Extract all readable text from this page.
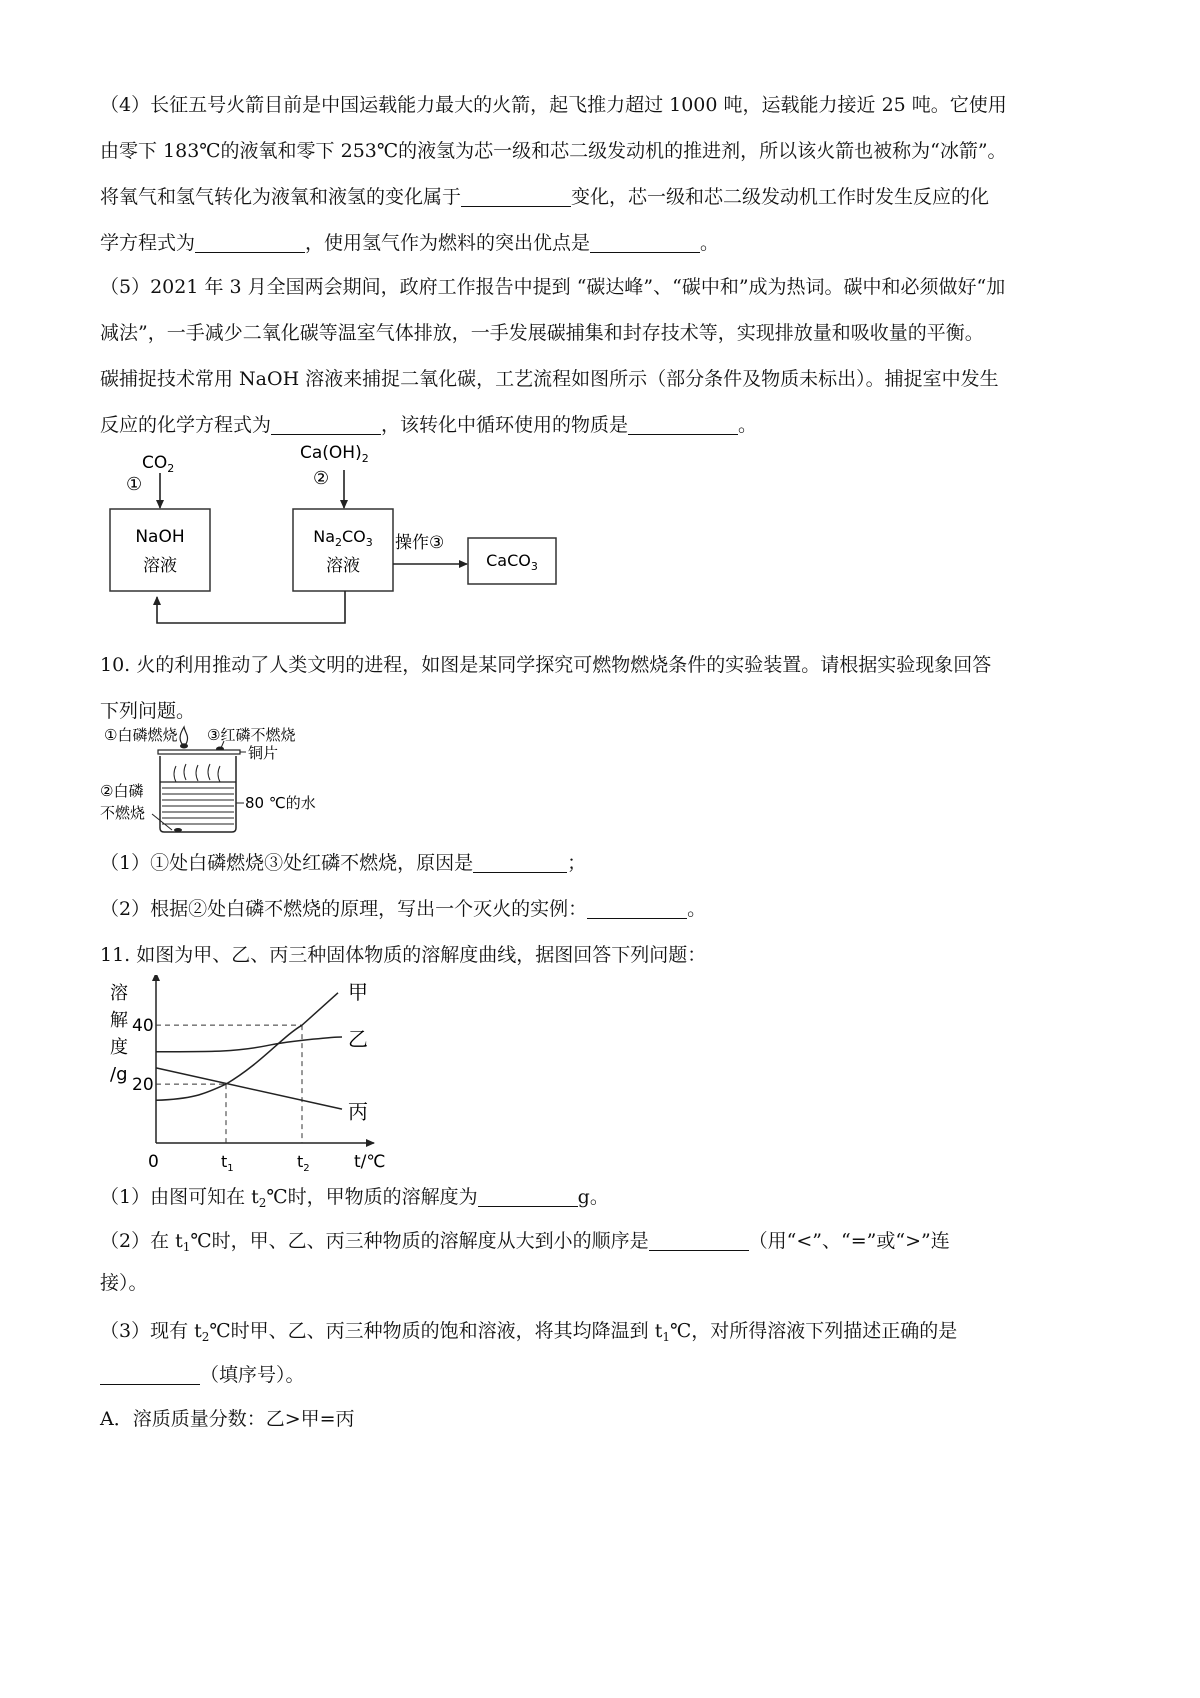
（4）长征五号火箭目前是中国运载能力最大的火箭，起飞推力超过 1000 吨，运载能力接近 25 吨。它使用
由零下 183℃的液氧和零下 253℃的液氢为芯一级和芯二级发动机的推进剂，所以该火箭也被称为“冰箭”。
将氧气和氢气转化为液氧和液氢的变化属于	变化，芯一级和芯二级发动机工作时发生反应的化
学方程式为	，使用氢气作为燃料的突出优点是	。
（5）2021 年 3 月全国两会期间，政府工作报告中提到 “碳达峰”、“碳中和”成为热词。碳中和必须做好“加
减法”，一手减少二氧化碳等温室气体排放，一手发展碳捕集和封存技术等，实现排放量和吸收量的平衡。
碳捕捉技术常用 NaOH 溶液来捕捉二氧化碳，工艺流程如图所示（部分条件及物质未标出）。捕捉室中发生
反应的化学方程式为	，该转化中循环使用的物质是	。
$CO_2$
①
NaOH
溶液
$Ca(OH)_2$
②
$Na_2CO_3$
溶液
操作③
CaCO$_3$
10. 火的利用推动了人类文明的进程，如图是某同学探究可燃物燃烧条件的实验装置。请根据实验现象回答
下列问题。
①白磷燃烧 ③红磷不燃烧
铜片
80 ℃的水
②白磷
不燃烧
（1）①处白磷燃烧③处红磷不燃烧，原因是	；
（2）根据②处白磷不燃烧的原理，写出一个灭火的实例：	。
11. 如图为甲、乙、丙三种固体物质的溶解度曲线，据图回答下列问题：
溶
解
度
/g
20
40
0	$t_1$	$t_2$	t/℃
甲
乙
丙
（1）由图可知在 $t_2℃$时，甲物质的溶解度为	g。
（2）在 $t_1℃$时，甲、乙、丙三种物质的溶解度从大到小的顺序是	（用“<”、“=”或“>”连
接）。
（3）现有 $t_2℃$时甲、乙、丙三种物质的饱和溶液，将其均降温到 $t_1℃$，对所得溶液下列描述正确的是
（填序号）。
A．溶质质量分数：乙>甲=丙
